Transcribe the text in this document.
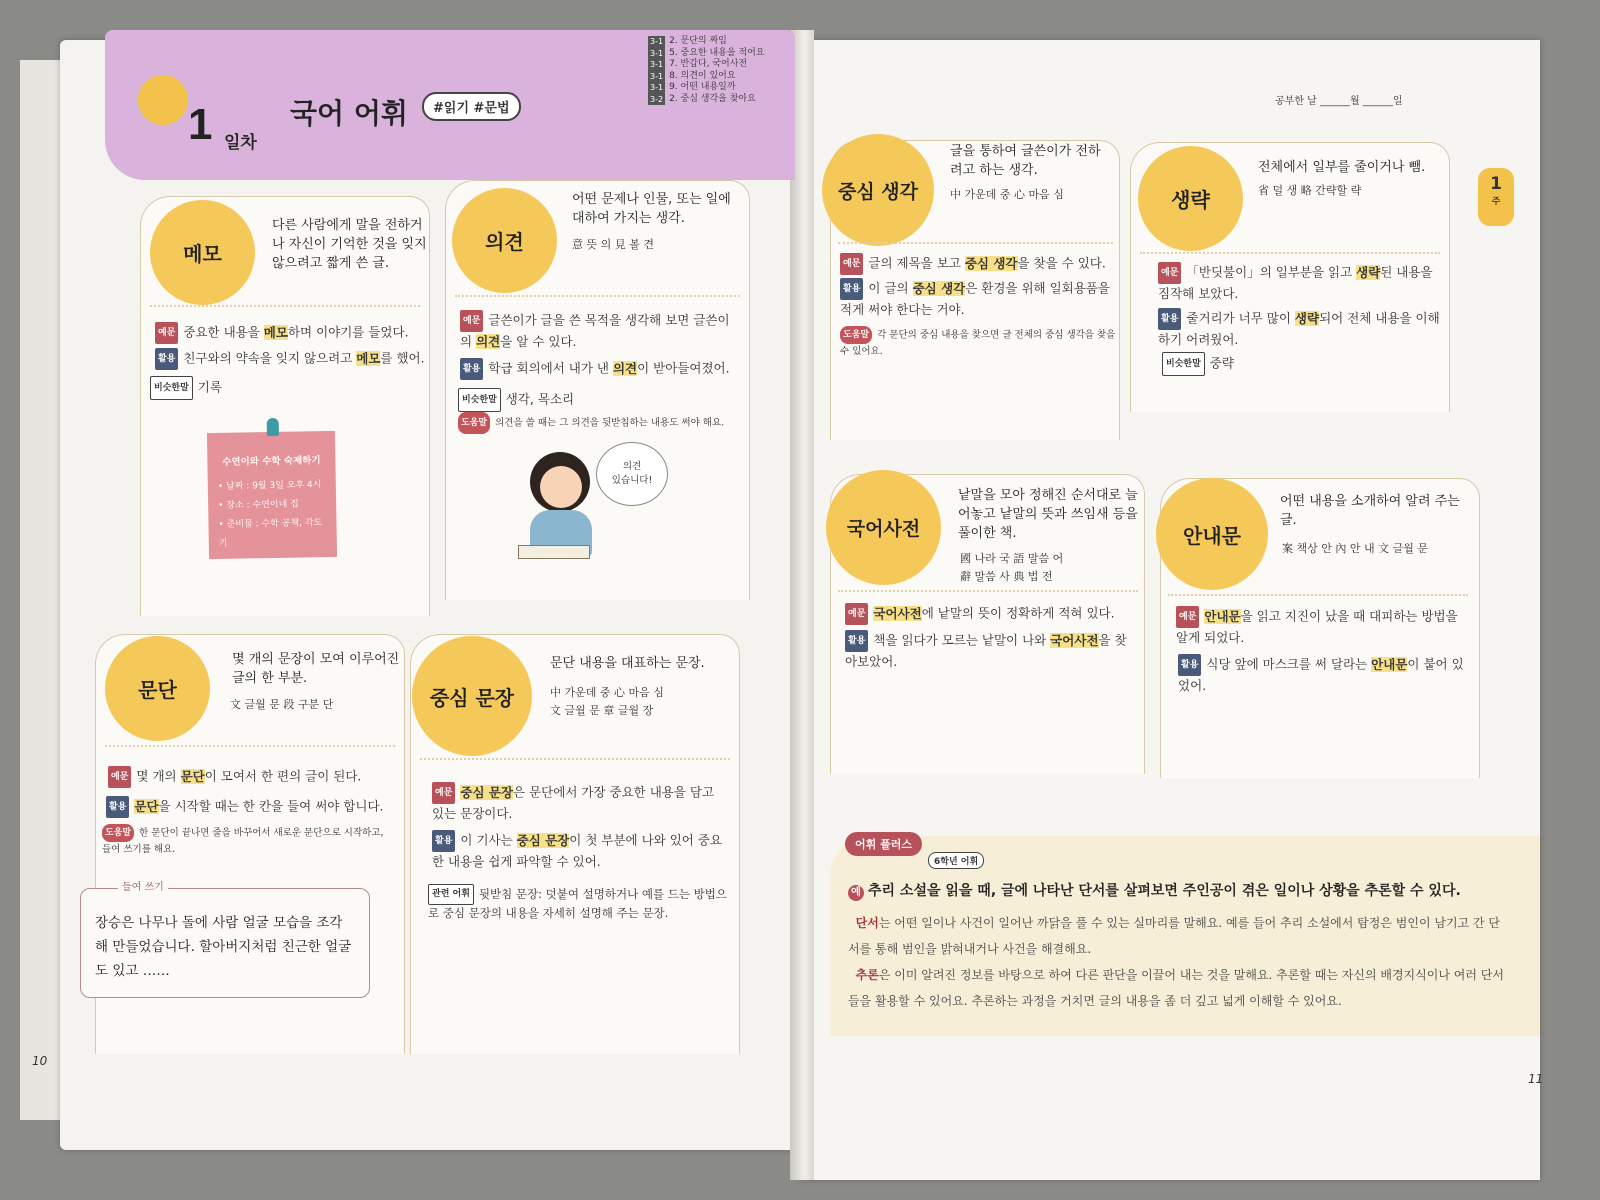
1 일차
국어 어휘	#읽기 #문법
3-1 2. 문단의 짜임
3-1 5. 중요한 내용을 적어요
3-1 7. 반갑다, 국어사전
3-1 8. 의견이 있어요
3-1 9. 어떤 내용일까
3-2 2. 중심 생각을 찾아요	공부한 날 ______월 ______일
1
주
메모
다른 사람에게 말을 전하거나 자신이 기억한 것을 잊지 않으려고 짧게 쓴 글.
예문 중요한 내용을 메모하며 이야기를 들었다.
활용 친구와의 약속을 잊지 않으려고 메모를 했어.
비슷한말 기록
수연이와 수학 숙제하기
• 날짜 : 9월 3일 오후 4시
• 장소 : 수연이네 집
• 준비물 : 수학 공책, 각도기
의견
어떤 문제나 인물, 또는 일에 대하여 가지는 생각.
意 뜻 의 見 볼 견
예문 글쓴이가 글을 쓴 목적을 생각해 보면 글쓴이의 의견을 알 수 있다.
활용 학급 회의에서 내가 낸 의견이 받아들여졌어.
비슷한말 생각, 목소리
도움말 의견을 쓸 때는 그 의견을 뒷받침하는 내용도 써야 해요.
의견
있습니다!
문단
몇 개의 문장이 모여 이루어진 글의 한 부분.
文 글월 문 段 구분 단
예문 몇 개의 문단이 모여서 한 편의 글이 된다.
활용 문단을 시작할 때는 한 칸을 들여 써야 합니다.
도움말 한 문단이 끝나면 줄을 바꾸어서 새로운 문단으로 시작하고, 들여 쓰기를 해요.
장승은 나무나 돌에 사람 얼굴 모습을 조각해 만들었습니다. 할아버지처럼 친근한 얼굴도 있고 ……
들여 쓰기
중심 문장
문단 내용을 대표하는 문장.
中 가운데 중 心 마음 심
文 글월 문 章 글월 장
예문 중심 문장은 문단에서 가장 중요한 내용을 담고 있는 문장이다.
활용 이 기사는 중심 문장이 첫 부분에 나와 있어 중요한 내용을 쉽게 파악할 수 있어.
관련 어휘 뒷받침 문장: 덧붙여 설명하거나 예를 드는 방법으로 중심 문장의 내용을 자세히 설명해 주는 문장.
중심 생각
글을 통하여 글쓴이가 전하려고 하는 생각.
中 가운데 중 心 마음 심
예문 글의 제목을 보고 중심 생각을 찾을 수 있다.
활용 이 글의 중심 생각은 환경을 위해 일회용품을 적게 써야 한다는 거야.
도움말 각 문단의 중심 내용을 찾으면 글 전체의 중심 생각을 찾을 수 있어요.
생략
전체에서 일부를 줄이거나 뺌.
省 덜 생 略 간략할 략
예문 「반딧불이」의 일부분을 읽고 생략된 내용을 짐작해 보았다.
활용 줄거리가 너무 많이 생략되어 전체 내용을 이해하기 어려웠어.
비슷한말 중략
국어사전
낱말을 모아 정해진 순서대로 늘어놓고 낱말의 뜻과 쓰임새 등을 풀이한 책.
國 나라 국 語 말씀 어
辭 말씀 사 典 법 전
예문 국어사전에 낱말의 뜻이 정확하게 적혀 있다.
활용 책을 읽다가 모르는 낱말이 나와 국어사전을 찾아보았어.
안내문
어떤 내용을 소개하여 알려 주는 글.
案 책상 안 內 안 내 文 글월 문
예문 안내문을 읽고 지진이 났을 때 대피하는 방법을 알게 되었다.
활용 식당 앞에 마스크를 써 달라는 안내문이 붙어 있었어.
어휘 플러스
6학년 어휘
예 추리 소설을 읽을 때, 글에 나타난 단서를 살펴보면 주인공이 겪은 일이나 상황을 추론할 수 있다.
단서는 어떤 일이나 사건이 일어난 까닭을 풀 수 있는 실마리를 말해요. 예를 들어 추리 소설에서 탐정은 범인이 남기고 간 단서를 통해 범인을 밝혀내거나 사건을 해결해요.
추론은 이미 알려진 정보를 바탕으로 하여 다른 판단을 이끌어 내는 것을 말해요. 추론할 때는 자신의 배경지식이나 여러 단서들을 활용할 수 있어요. 추론하는 과정을 거치면 글의 내용을 좀 더 깊고 넓게 이해할 수 있어요.
10
11
